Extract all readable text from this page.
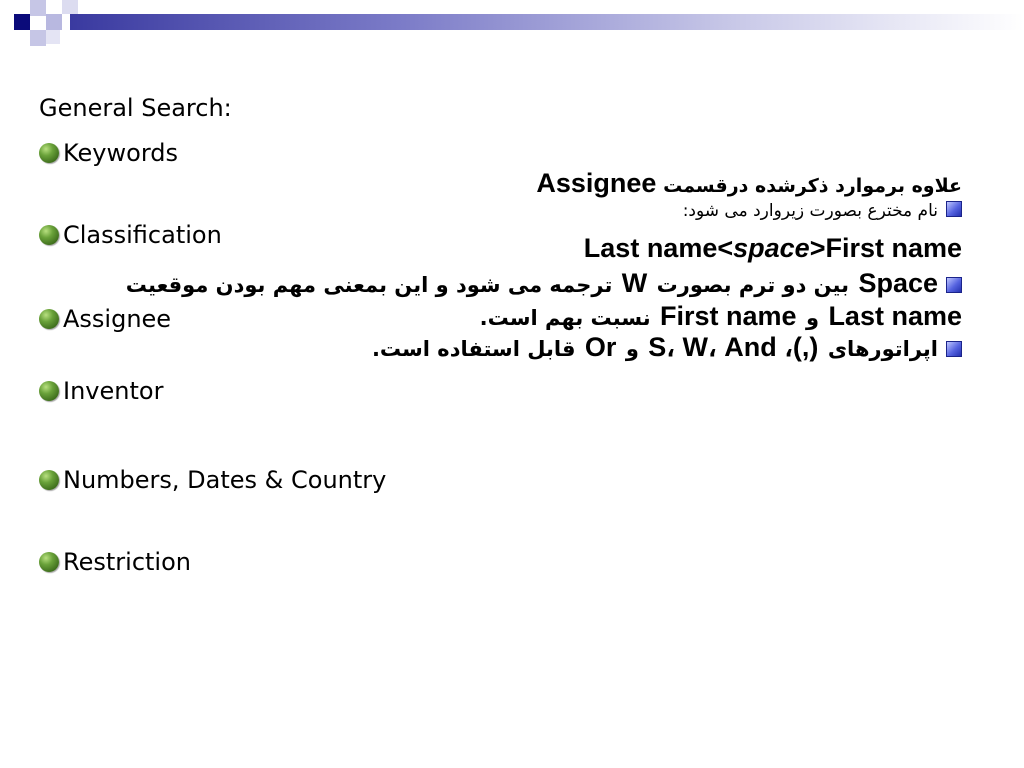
General Search:
Keywords
Classification
Assignee
Inventor
Numbers, Dates & Country
Restriction
علاوه برموارد ذکرشده درقسمت Assignee
نام مخترع بصورت زیروارد می شود:
Last name<space>First name
Space بین دو ترم بصورت W ترجمه می شود و این بمعنی مهم بودن موقعیت
Last name و First name نسبت بهم است.
اپراتورهای (,)، S، W، And و Or قابل استفاده است.
